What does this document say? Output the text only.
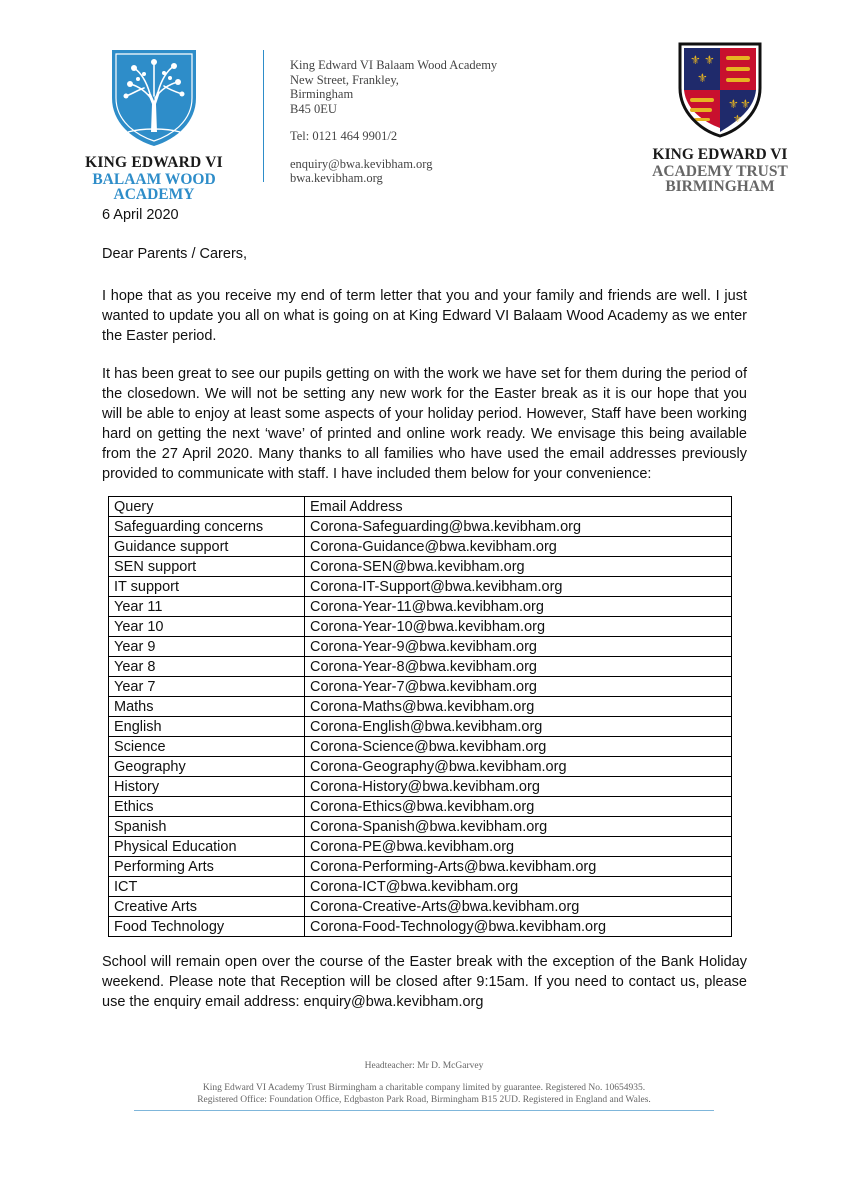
KING EDWARD VI
BALAAM WOOD
ACADEMY
King Edward VI Balaam Wood Academy
New Street, Frankley,
Birmingham
B45 0EU
Tel: 0121 464 9901/2
enquiry@bwa.kevibham.org
bwa.kevibham.org
⚜ ⚜
⚜
⚜ ⚜
⚜
KING EDWARD VI
ACADEMY TRUST
BIRMINGHAM
6 April 2020
Dear Parents / Carers,
I hope that as you receive my end of term letter that you and your family and friends are well. I just wanted to update you all on what is going on at King Edward VI Balaam Wood Academy as we enter the Easter period.
It has been great to see our pupils getting on with the work we have set for them during the period of the closedown. We will not be setting any new work for the Easter break as it is our hope that you will be able to enjoy at least some aspects of your holiday period. However, Staff have been working hard on getting the next ‘wave’ of printed and online work ready. We envisage this being available from the 27 April 2020. Many thanks to all families who have used the email addresses previously provided to communicate with staff. I have included them below for your convenience:
Query	Email Address
Safeguarding concerns	Corona-Safeguarding@bwa.kevibham.org
Guidance support	Corona-Guidance@bwa.kevibham.org
SEN support	Corona-SEN@bwa.kevibham.org
IT support	Corona-IT-Support@bwa.kevibham.org
Year 11	Corona-Year-11@bwa.kevibham.org
Year 10	Corona-Year-10@bwa.kevibham.org
Year 9	Corona-Year-9@bwa.kevibham.org
Year 8	Corona-Year-8@bwa.kevibham.org
Year 7	Corona-Year-7@bwa.kevibham.org
Maths	Corona-Maths@bwa.kevibham.org
English	Corona-English@bwa.kevibham.org
Science	Corona-Science@bwa.kevibham.org
Geography	Corona-Geography@bwa.kevibham.org
History	Corona-History@bwa.kevibham.org
Ethics	Corona-Ethics@bwa.kevibham.org
Spanish	Corona-Spanish@bwa.kevibham.org
Physical Education	Corona-PE@bwa.kevibham.org
Performing Arts	Corona-Performing-Arts@bwa.kevibham.org
ICT	Corona-ICT@bwa.kevibham.org
Creative Arts	Corona-Creative-Arts@bwa.kevibham.org
Food Technology	Corona-Food-Technology@bwa.kevibham.org
School will remain open over the course of the Easter break with the exception of the Bank Holiday weekend. Please note that Reception will be closed after 9:15am. If you need to contact us, please use the enquiry email address: enquiry@bwa.kevibham.org
Headteacher: Mr D. McGarvey
King Edward VI Academy Trust Birmingham a charitable company limited by guarantee. Registered No. 10654935.
Registered Office: Foundation Office, Edgbaston Park Road, Birmingham B15 2UD. Registered in England and Wales.
